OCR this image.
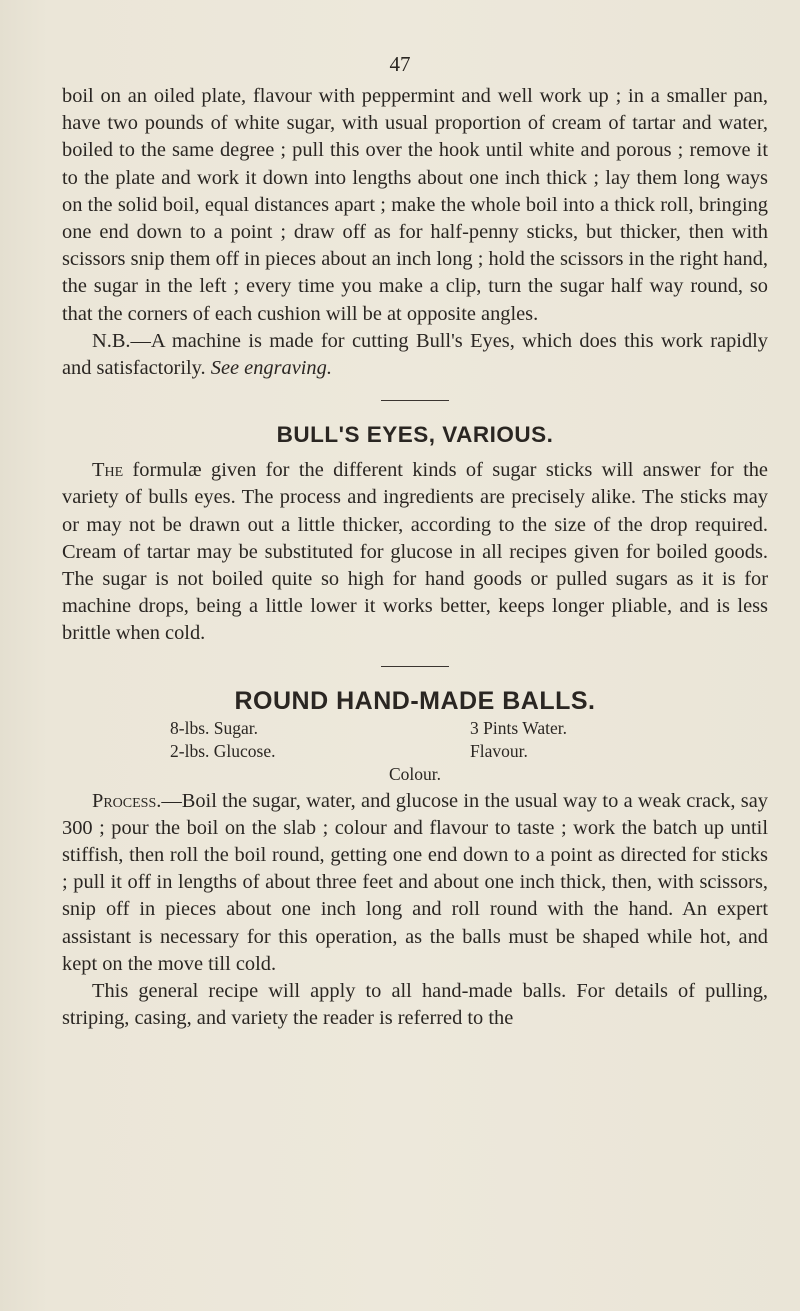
47

boil on an oiled plate, flavour with peppermint and well work up ; in a smaller pan, have two pounds of white sugar, with usual proportion of cream of tartar and water, boiled to the same degree ; pull this over the hook until white and porous ; remove it to the plate and work it down into lengths about one inch thick ; lay them long ways on the solid boil, equal distances apart ; make the whole boil into a thick roll, bringing one end down to a point ; draw off as for half-penny sticks, but thicker, then with scissors snip them off in pieces about an inch long ; hold the scissors in the right hand, the sugar in the left ; every time you make a clip, turn the sugar half way round, so that the corners of each cushion will be at opposite angles.

N.B.—A machine is made for cutting Bull's Eyes, which does this work rapidly and satisfactorily. See engraving.

BULL'S EYES, VARIOUS.

The formulæ given for the different kinds of sugar sticks will answer for the variety of bulls eyes. The process and ingredients are precisely alike. The sticks may or may not be drawn out a little thicker, according to the size of the drop required. Cream of tartar may be substituted for glucose in all recipes given for boiled goods. The sugar is not boiled quite so high for hand goods or pulled sugars as it is for machine drops, being a little lower it works better, keeps longer pliable, and is less brittle when cold.

ROUND HAND-MADE BALLS.
8-lbs. Sugar.	3 Pints Water.
2-lbs. Glucose.	Flavour.
Colour.

Process.—Boil the sugar, water, and glucose in the usual way to a weak crack, say 300 ; pour the boil on the slab ; colour and flavour to taste ; work the batch up until stiffish, then roll the boil round, getting one end down to a point as directed for sticks ; pull it off in lengths of about three feet and about one inch thick, then, with scissors, snip off in pieces about one inch long and roll round with the hand. An expert assistant is necessary for this operation, as the balls must be shaped while hot, and kept on the move till cold.

This general recipe will apply to all hand-made balls. For details of pulling, striping, casing, and variety the reader is referred to the
